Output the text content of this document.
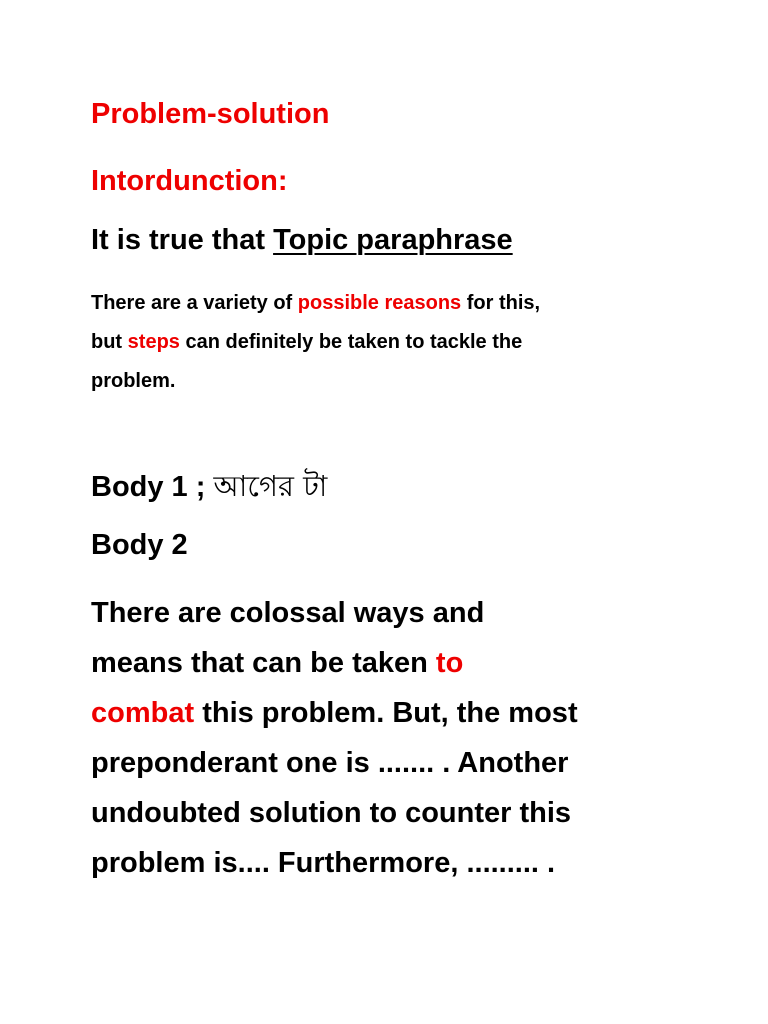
Problem-solution

Intordunction:

It is true that Topic paraphrase

There are a variety of possible reasons for this,
but steps can definitely be taken to tackle the
problem.

Body 1 ; আগের টা

Body 2

There are colossal ways and
means that can be taken to
combat this problem. But, the most
preponderant one is ....... . Another
undoubted solution to counter this
problem is.... Furthermore, ......... .
